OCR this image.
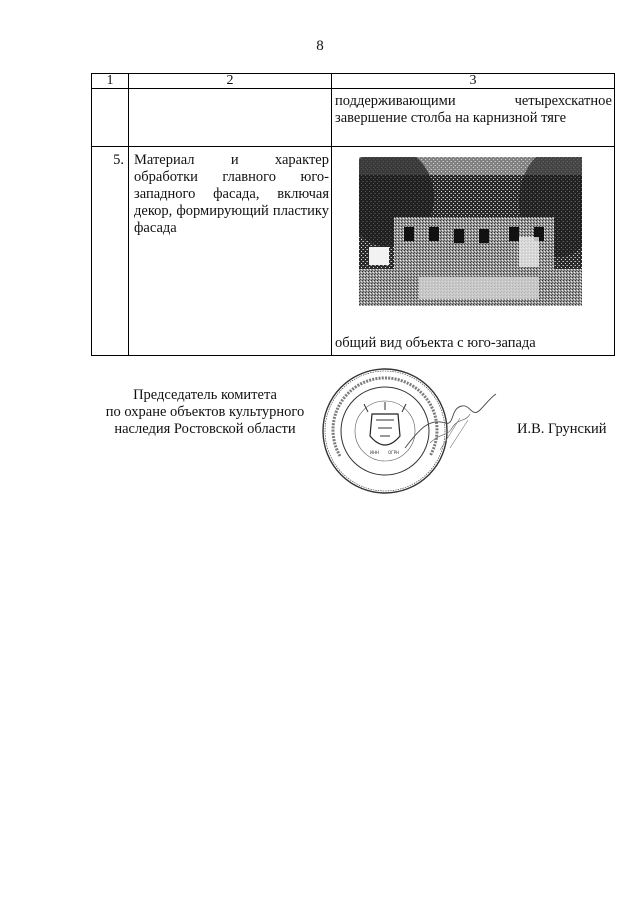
8
1	2	3

		поддерживающими четырехскатное
завершение столба на карнизной тяге

5.	Материал и характер обработки главного юго-западного фасада, включая декор, формирующий пластику фасада	общий вид объекта с юго-запада
Председатель комитета
по охране объектов культурного
наследия Ростовской области
ИНН ОГРН
И.В. Грунский
